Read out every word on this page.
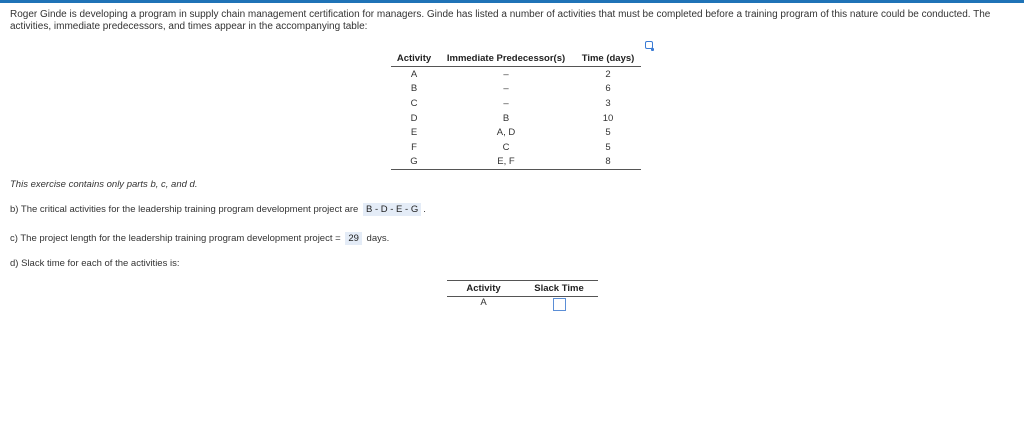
Roger Ginde is developing a program in supply chain management certification for managers. Ginde has listed a number of activities that must be completed before a training program of this nature could be conducted. The activities, immediate predecessors, and times appear in the accompanying table:
Activity	Immediate Predecessor(s)	Time (days)
A	–	2
B	–	6
C	–	3
D	B	10
E	A, D	5
F	C	5
G	E, F	8
This exercise contains only parts b, c, and d.
b) The critical activities for the leadership training program development project are B - D - E - G .
c) The project length for the leadership training program development project = 29 days.
d) Slack time for each of the activities is:
Activity	Slack Time
A	
